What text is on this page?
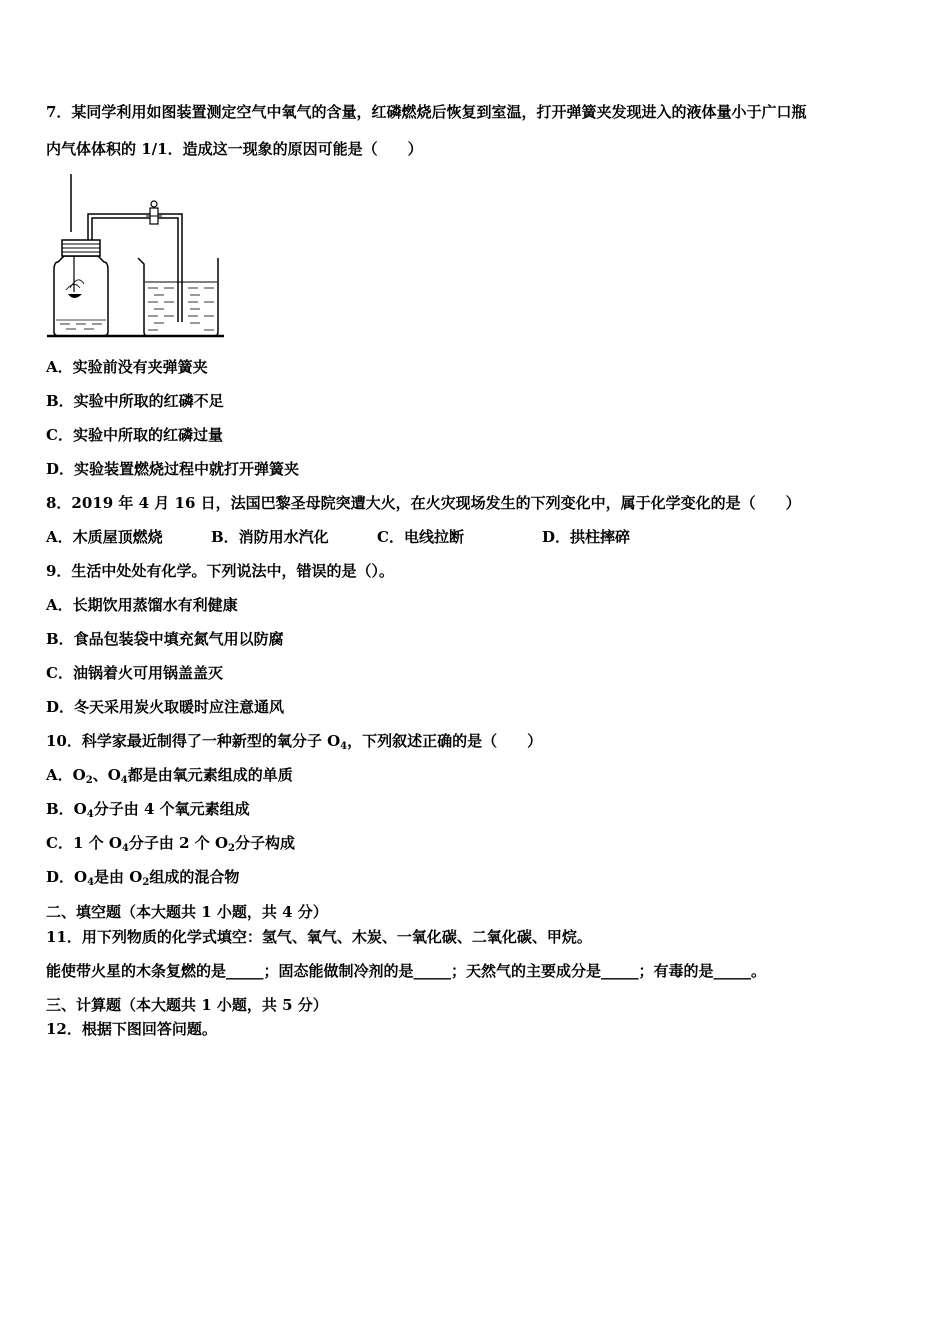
7．某同学利用如图装置测定空气中氧气的含量，红磷燃烧后恢复到室温，打开弹簧夹发现进入的液体量小于广口瓶
内气体体积的 1/1．造成这一现象的原因可能是（　　）
A．实验前没有夹弹簧夹
B．实验中所取的红磷不足
C．实验中所取的红磷过量
D．实验装置燃烧过程中就打开弹簧夹
8．2019 年 4 月 16 日，法国巴黎圣母院突遭大火，在火灾现场发生的下列变化中，属于化学变化的是（　　）
A．木质屋顶燃烧	B．消防用水汽化	C．电线拉断	D．拱柱摔碎
9．生活中处处有化学。下列说法中，错误的是（）。
A．长期饮用蒸馏水有利健康
B．食品包装袋中填充氮气用以防腐
C．油锅着火可用锅盖盖灭
D．冬天采用炭火取暖时应注意通风
10．科学家最近制得了一种新型的氧分子 $O_4$，下列叙述正确的是（　　）
A．$O_2$、$O_4$都是由氧元素组成的单质
B．$O_4$分子由 4 个氧元素组成
C．1 个 $O_4$分子由 2 个 $O_2$分子构成
D．$O_4$是由 $O_2$组成的混合物
二、填空题（本大题共 1 小题，共 4 分）
11．用下列物质的化学式填空：氢气、氧气、木炭、一氧化碳、二氧化碳、甲烷。
能使带火星的木条复燃的是_____；固态能做制冷剂的是_____；天然气的主要成分是_____；有毒的是_____。
三、计算题（本大题共 1 小题，共 5 分）
12．根据下图回答问题。
